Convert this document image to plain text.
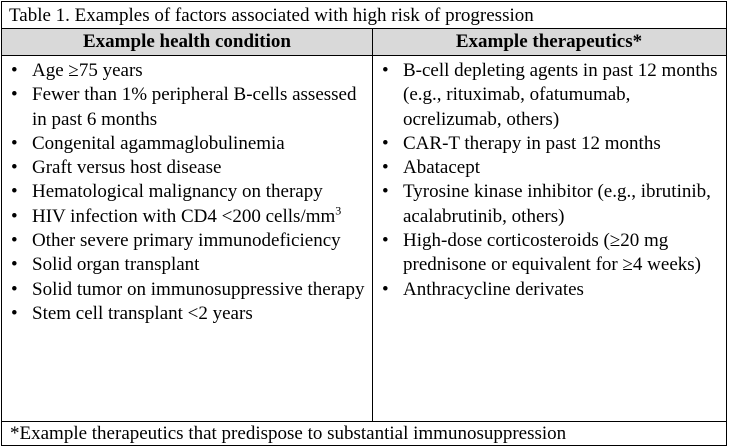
Table 1. Examples of factors associated with high risk of progression
Example health condition	Example therapeutics*
• Age ≥75 years
• Fewer than 1% peripheral B-cells assessed in past 6 months
• Congenital agammaglobulinemia
• Graft versus host disease
• Hematological malignancy on therapy
• HIV infection with CD4 <200 cells/$mm^3$
• Other severe primary immunodeficiency
• Solid organ transplant
• Solid tumor on immunosuppressive therapy
• Stem cell transplant <2 years
• B-cell depleting agents in past 12 months (e.g., rituximab, ofatumumab, ocrelizumab, others)
• CAR-T therapy in past 12 months
• Abatacept
• Tyrosine kinase inhibitor (e.g., ibrutinib, acalabrutinib, others)
• High-dose corticosteroids (≥20 mg prednisone or equivalent for ≥4 weeks)
• Anthracycline derivates
*Example therapeutics that predispose to substantial immunosuppression
